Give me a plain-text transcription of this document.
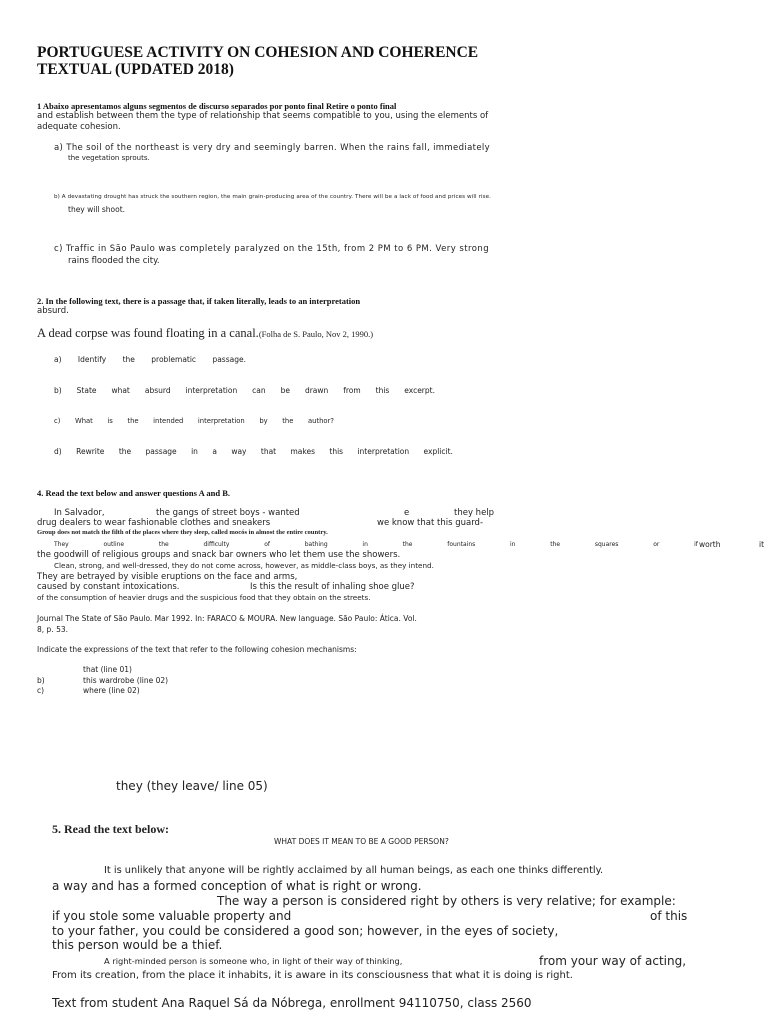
PORTUGUESE ACTIVITY ON COHESION AND COHERENCE
TEXTUAL (UPDATED 2018)
1 Abaixo apresentamos alguns segmentos de discurso separados por ponto final Retire o ponto final
and establish between them the type of relationship that seems compatible to you, using the elements of
adequate cohesion.
a) The soil of the northeast is very dry and seemingly barren. When the rains fall, immediately
the vegetation sprouts.
b) A devastating drought has struck the southern region, the main grain-producing area of the country. There will be a lack of food and prices will rise.
they will shoot.
c) Traffic in São Paulo was completely paralyzed on the 15th, from 2 PM to 6 PM. Very strong
rains flooded the city.
2. In the following text, there is a passage that, if taken literally, leads to an interpretation
absurd.
A dead corpse was found floating in a canal.(Folha de S. Paulo, Nov 2, 1990.)
a) Identify the problematic passage.
b) State what absurd interpretation can be drawn from this excerpt.
c) What is the intended interpretation by the author?
d) Rewrite the passage in a way that makes this interpretation explicit.
4. Read the text below and answer questions A and B.
In Salvador,	the gangs of street boys - wanted	e	they help
drug dealers to wear fashionable clothes and sneakers	we know that this guard-
Group does not match the filth of the places where they sleep, called mocós in almost the entire country.
They	outline	the	difficulty	of	bathing	in	the	fountains	in	the	squares	or	if worth	it
the goodwill of religious groups and snack bar owners who let them use the showers.
Clean, strong, and well-dressed, they do not come across, however, as middle-class boys, as they intend.
They are betrayed by visible eruptions on the face and arms,
caused by constant intoxications.	Is this the result of inhaling shoe glue?
of the consumption of heavier drugs and the suspicious food that they obtain on the streets.
Journal The State of São Paulo. Mar 1992. In: FARACO & MOURA. New language. São Paulo: Ática. Vol.
8, p. 53.
Indicate the expressions of the text that refer to the following cohesion mechanisms:
that (line 01)
b)	this wardrobe (line 02)
c)	where (line 02)
they (they leave/ line 05)
5. Read the text below:
WHAT DOES IT MEAN TO BE A GOOD PERSON?
It is unlikely that anyone will be rightly acclaimed by all human beings, as each one thinks differently.
a way and has a formed conception of what is right or wrong.
The way a person is considered right by others is very relative; for example:
if you stole some valuable property and	of this
to your father, you could be considered a good son; however, in the eyes of society,
this person would be a thief.
A right-minded person is someone who, in light of their way of thinking,	from your way of acting,
From its creation, from the place it inhabits, it is aware in its consciousness that what it is doing is right.
Text from student Ana Raquel Sá da Nóbrega, enrollment 94110750, class 2560
